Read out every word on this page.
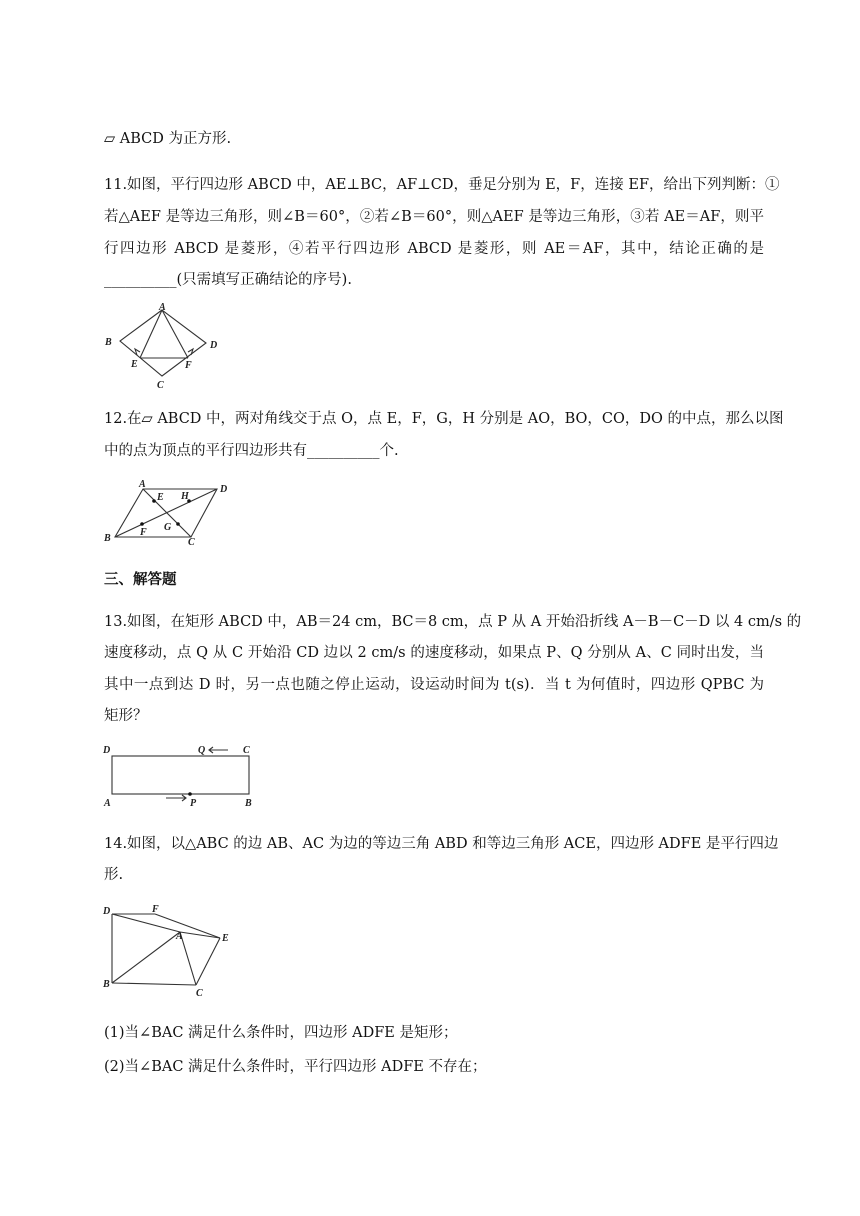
▱ ABCD 为正方形.
11.如图，平行四边形 ABCD 中，AE⊥BC，AF⊥CD，垂足分别为 E，F，连接 EF，给出下列判断：①
若△AEF 是等边三角形，则∠B＝60°，②若∠B＝60°，则△AEF 是等边三角形，③若 AE＝AF，则平
行四边形 ABCD 是菱形，④若平行四边形 ABCD 是菱形，则 AE＝AF，其中，结论正确的是
__________(只需填写正确结论的序号).
A
B
C
D
E	F
12.在▱ ABCD 中，两对角线交于点 O，点 E，F，G，H 分别是 AO，BO，CO，DO 的中点，那么以图
中的点为顶点的平行四边形共有__________个.
A	D
B	C
E H
F G
三、解答题
13.如图，在矩形 ABCD 中，AB＝24 cm，BC＝8 cm，点 P 从 A 开始沿折线 A－B－C－D 以 4 cm/s 的
速度移动，点 Q 从 C 开始沿 CD 边以 2 cm/s 的速度移动，如果点 P、Q 分别从 A、C 同时出发，当
其中一点到达 D 时，另一点也随之停止运动，设运动时间为 t(s)．当 t 为何值时，四边形 QPBC 为
矩形？
D	Q	C
A	P	B
14.如图，以△ABC 的边 AB、AC 为边的等边三角 ABD 和等边三角形 ACE，四边形 ADFE 是平行四边
形.
D	F
A	E
B
C
(1)当∠BAC 满足什么条件时，四边形 ADFE 是矩形；
(2)当∠BAC 满足什么条件时，平行四边形 ADFE 不存在；
